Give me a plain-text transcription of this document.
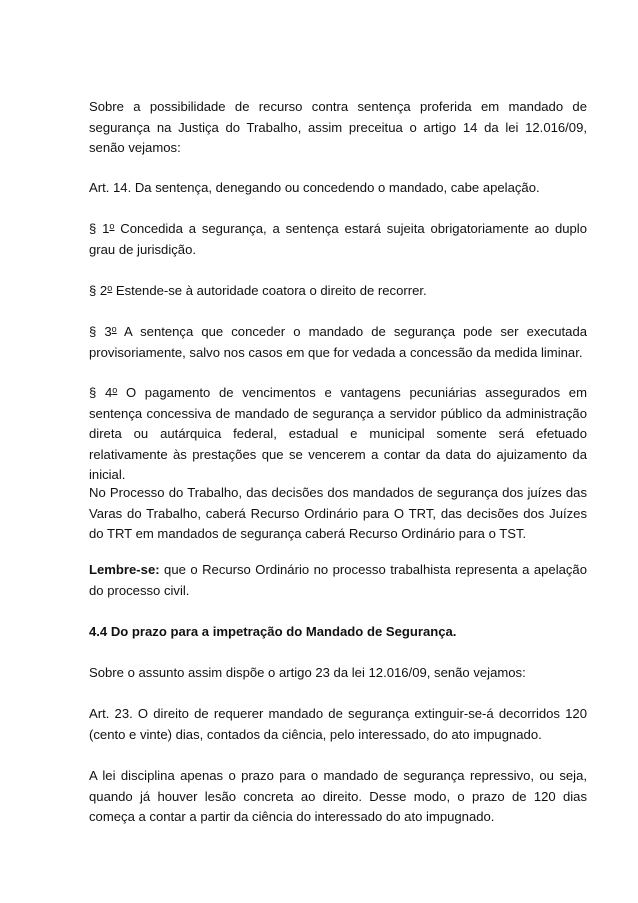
Sobre a possibilidade de recurso contra sentença proferida em mandado de segurança na Justiça do Trabalho, assim preceitua o artigo 14 da lei 12.016/09, senão vejamos:

Art. 14. Da sentença, denegando ou concedendo o mandado, cabe apelação.

§ 1$^o$ Concedida a segurança, a sentença estará sujeita obrigatoriamente ao duplo grau de jurisdição.

§ 2$^o$ Estende-se à autoridade coatora o direito de recorrer.

§ 3$^o$ A sentença que conceder o mandado de segurança pode ser executada provisoriamente, salvo nos casos em que for vedada a concessão da medida liminar.

§ 4$^o$ O pagamento de vencimentos e vantagens pecuniárias assegurados em sentença concessiva de mandado de segurança a servidor público da administração direta ou autárquica federal, estadual e municipal somente será efetuado relativamente às prestações que se vencerem a contar da data do ajuizamento da inicial.

No Processo do Trabalho, das decisões dos mandados de segurança dos juízes das Varas do Trabalho, caberá Recurso Ordinário para O TRT, das decisões dos Juízes do TRT em mandados de segurança caberá Recurso Ordinário para o TST.

Lembre-se: que o Recurso Ordinário no processo trabalhista representa a apelação do processo civil.

4.4 Do prazo para a impetração do Mandado de Segurança.

Sobre o assunto assim dispõe o artigo 23 da lei 12.016/09, senão vejamos:

Art. 23. O direito de requerer mandado de segurança extinguir-se-á decorridos 120 (cento e vinte) dias, contados da ciência, pelo interessado, do ato impugnado.

A lei disciplina apenas o prazo para o mandado de segurança repressivo, ou seja, quando já houver lesão concreta ao direito. Desse modo, o prazo de 120 dias começa a contar a partir da ciência do interessado do ato impugnado.
